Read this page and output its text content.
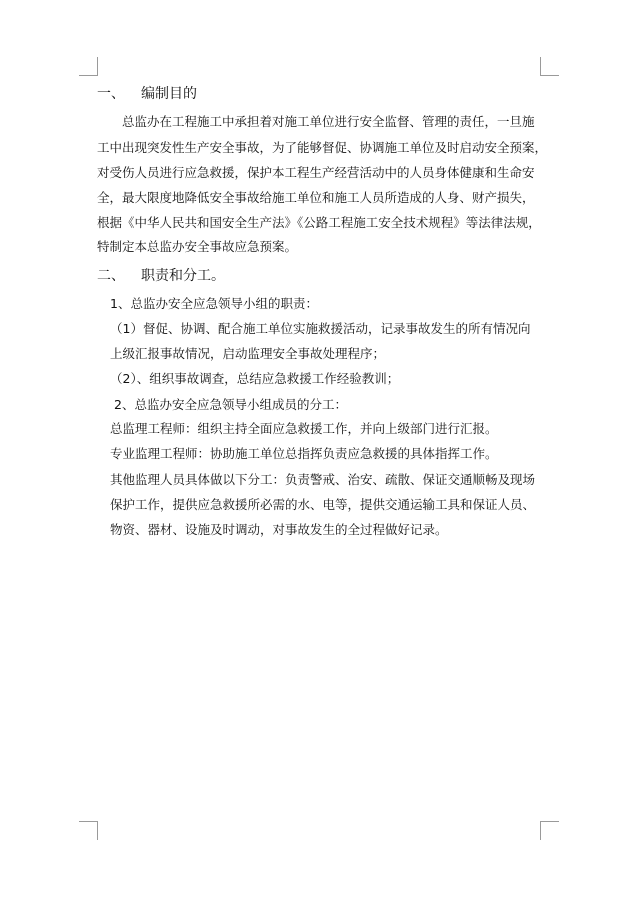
一、 编制目的
总监办在工程施工中承担着对施工单位进行安全监督、管理的责任，一旦施
工中出现突发性生产安全事故，为了能够督促、协调施工单位及时启动安全预案，
对受伤人员进行应急救援，保护本工程生产经营活动中的人员身体健康和生命安
全，最大限度地降低安全事故给施工单位和施工人员所造成的人身、财产损失，
根据《中华人民共和国安全生产法》《公路工程施工安全技术规程》等法律法规，
特制定本总监办安全事故应急预案。
二、 职责和分工。
1、总监办安全应急领导小组的职责：
（1）督促、协调、配合施工单位实施救援活动，记录事故发生的所有情况向
上级汇报事故情况，启动监理安全事故处理程序；
（2）、组织事故调查，总结应急救援工作经验教训；
2、总监办安全应急领导小组成员的分工：
总监理工程师：组织主持全面应急救援工作，并向上级部门进行汇报。
专业监理工程师：协助施工单位总指挥负责应急救援的具体指挥工作。
其他监理人员具体做以下分工：负责警戒、治安、疏散、保证交通顺畅及现场
保护工作，提供应急救援所必需的水、电等，提供交通运输工具和保证人员、
物资、器材、设施及时调动，对事故发生的全过程做好记录。
